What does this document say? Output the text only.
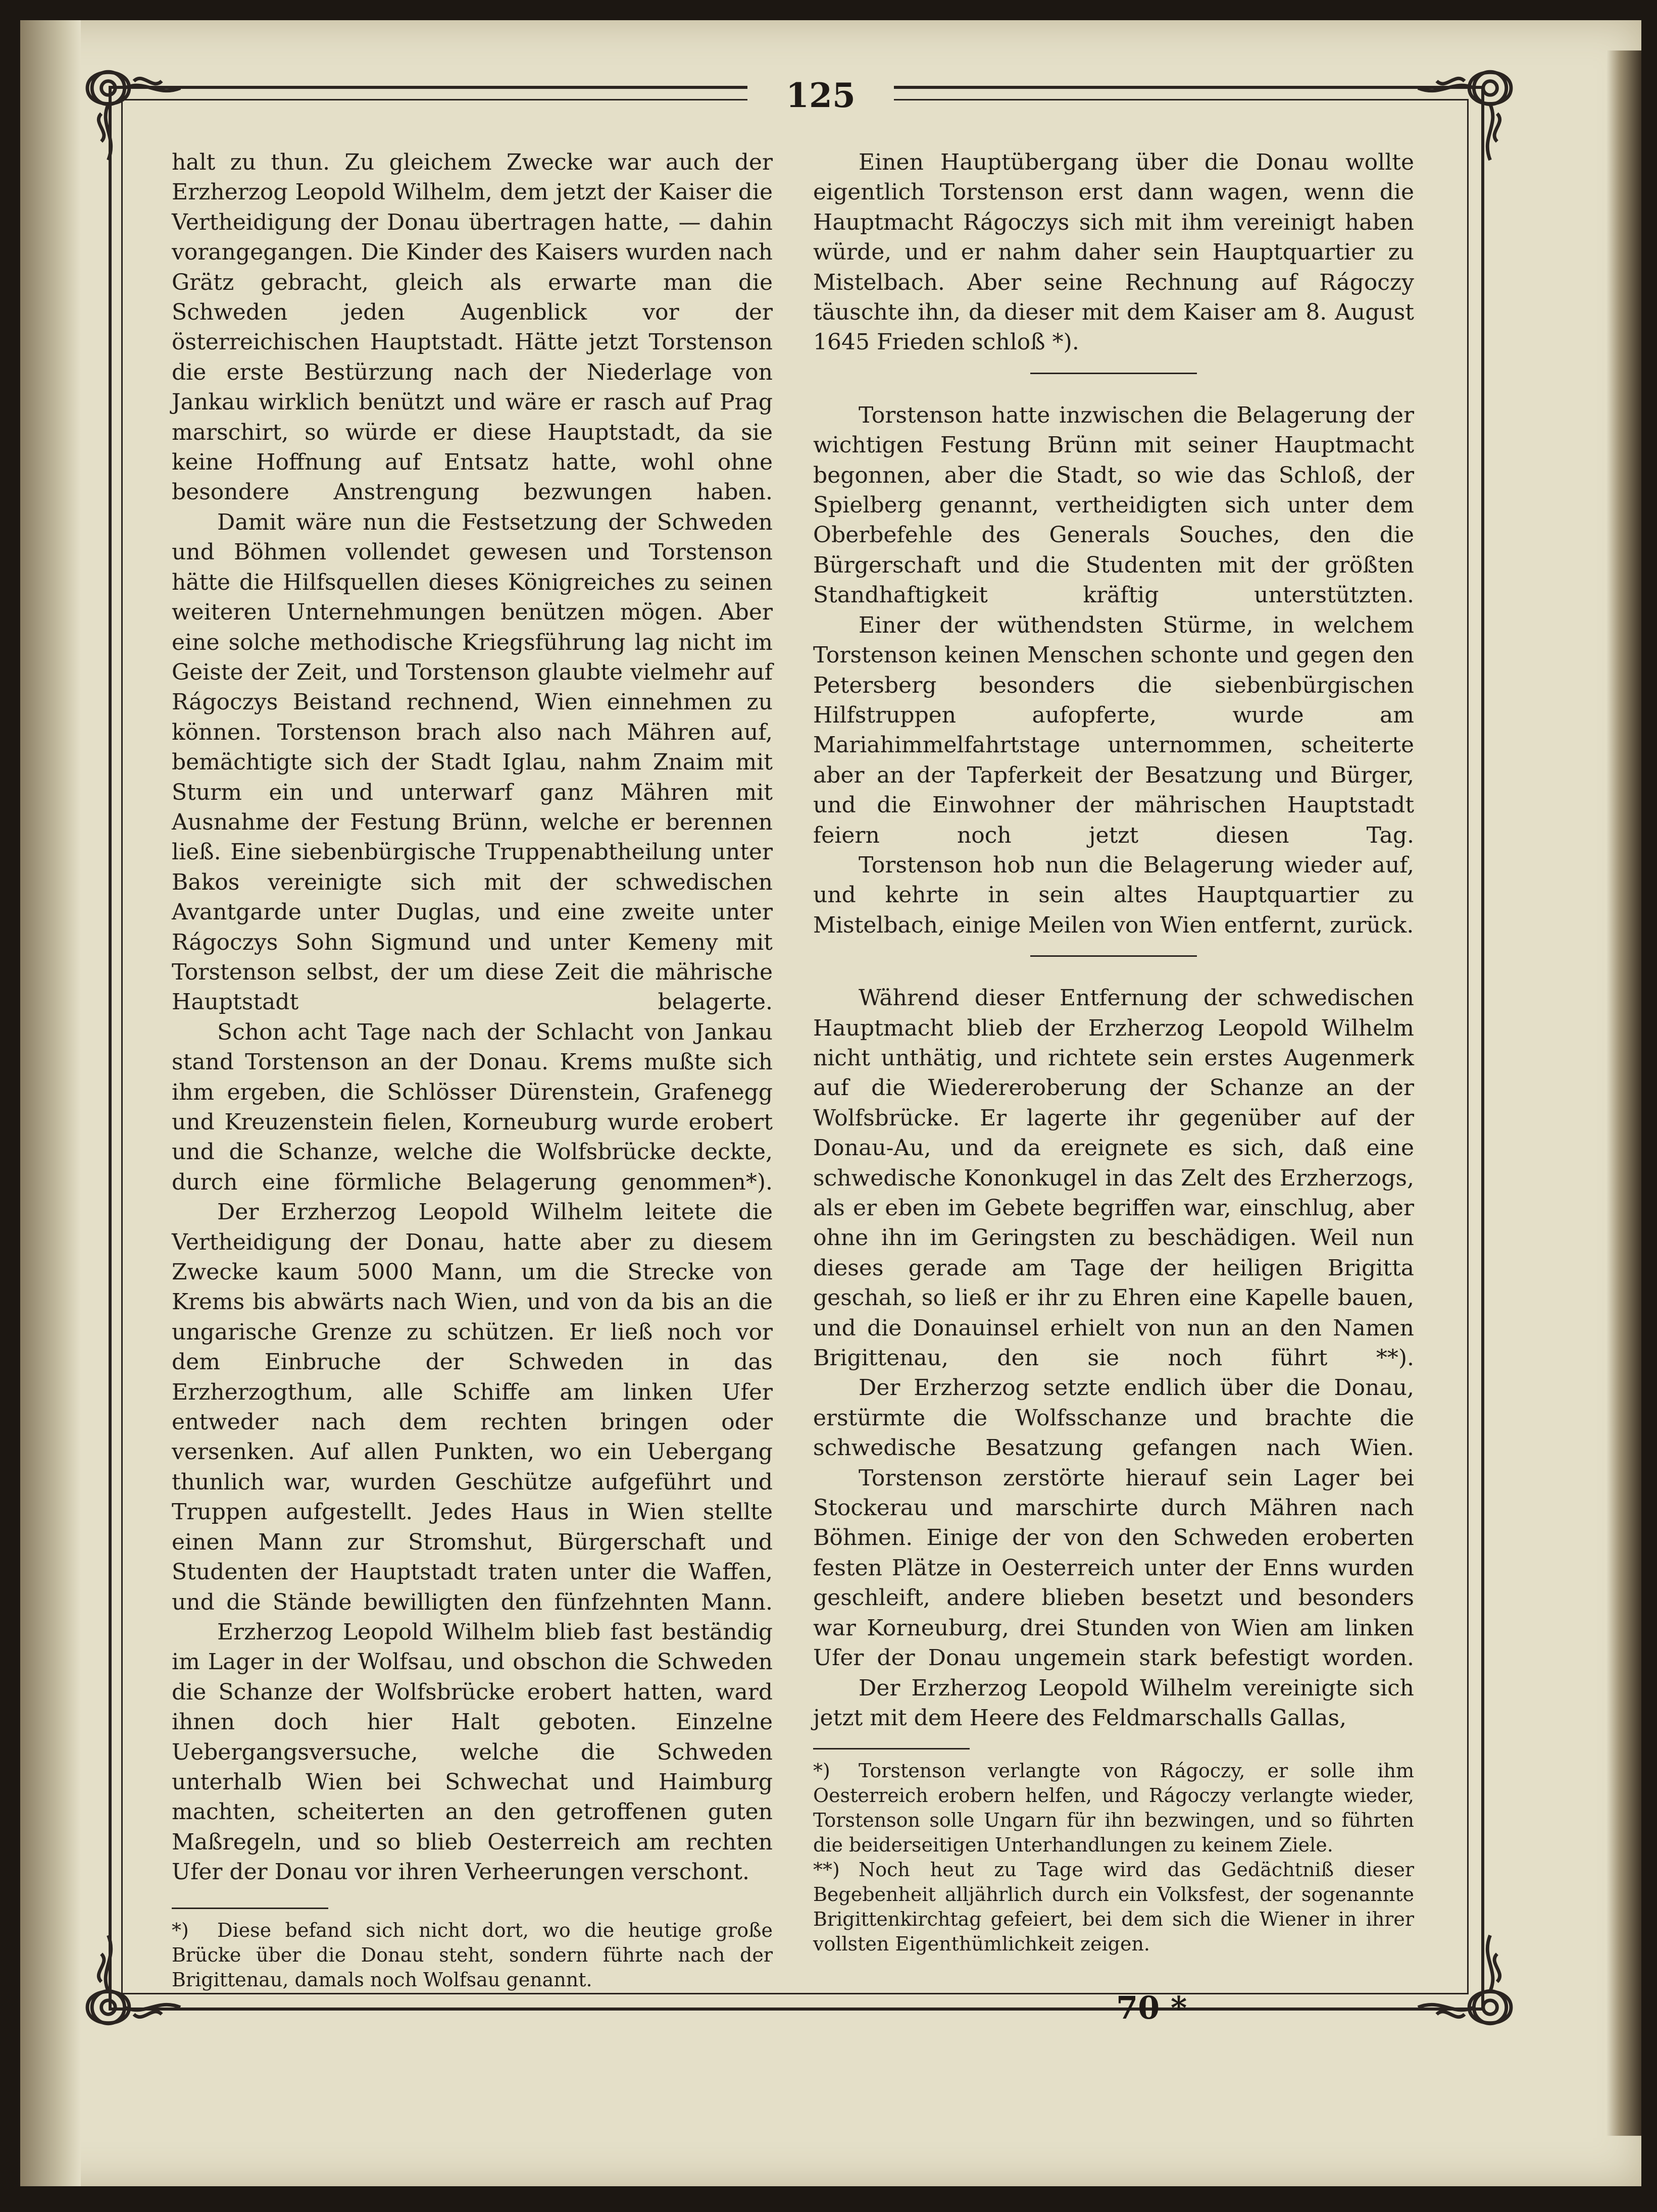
125

halt zu thun. Zu gleichem Zwecke war auch der Erzherzog Leopold Wilhelm, dem jetzt der Kaiser die Vertheidigung der Donau übertragen hatte, — dahin vorangegangen. Die Kinder des Kaisers wurden nach Grätz gebracht, gleich als erwarte man die Schweden jeden Augenblick vor der österreichischen Hauptstadt. Hätte jetzt Torstenson die erste Bestürzung nach der Niederlage von Jankau wirklich benützt und wäre er rasch auf Prag marschirt, so würde er diese Hauptstadt, da sie keine Hoffnung auf Entsatz hatte, wohl ohne besondere Anstrengung bezwungen haben.

Damit wäre nun die Festsetzung der Schweden und Böhmen vollendet gewesen und Torstenson hätte die Hilfsquellen dieses Königreiches zu seinen weiteren Unternehmungen benützen mögen. Aber eine solche methodische Kriegsführung lag nicht im Geiste der Zeit, und Torstenson glaubte vielmehr auf Rágoczys Beistand rechnend, Wien einnehmen zu können. Torstenson brach also nach Mähren auf, bemächtigte sich der Stadt Iglau, nahm Znaim mit Sturm ein und unterwarf ganz Mähren mit Ausnahme der Festung Brünn, welche er berennen ließ. Eine siebenbürgische Truppenabtheilung unter Bakos vereinigte sich mit der schwedischen Avantgarde unter Duglas, und eine zweite unter Rágoczys Sohn Sigmund und unter Kemeny mit Torstenson selbst, der um diese Zeit die mährische Hauptstadt belagerte.

Schon acht Tage nach der Schlacht von Jankau stand Torstenson an der Donau. Krems mußte sich ihm ergeben, die Schlösser Dürenstein, Grafenegg und Kreuzenstein fielen, Korneuburg wurde erobert und die Schanze, welche die Wolfsbrücke deckte, durch eine förmliche Belagerung genommen*).

Der Erzherzog Leopold Wilhelm leitete die Vertheidigung der Donau, hatte aber zu diesem Zwecke kaum 5000 Mann, um die Strecke von Krems bis abwärts nach Wien, und von da bis an die ungarische Grenze zu schützen. Er ließ noch vor dem Einbruche der Schweden in das Erzherzogthum, alle Schiffe am linken Ufer entweder nach dem rechten bringen oder versenken. Auf allen Punkten, wo ein Uebergang thunlich war, wurden Geschütze aufgeführt und Truppen aufgestellt. Jedes Haus in Wien stellte einen Mann zur Stromshut, Bürgerschaft und Studenten der Hauptstadt traten unter die Waffen, und die Stände bewilligten den fünfzehnten Mann.

Erzherzog Leopold Wilhelm blieb fast beständig im Lager in der Wolfsau, und obschon die Schweden die Schanze der Wolfsbrücke erobert hatten, ward ihnen doch hier Halt geboten. Einzelne Uebergangsversuche, welche die Schweden unterhalb Wien bei Schwechat und Haimburg machten, scheiterten an den getroffenen guten Maßregeln, und so blieb Oesterreich am rechten Ufer der Donau vor ihren Verheerungen verschont.

*) Diese befand sich nicht dort, wo die heutige große Brücke über die Donau steht, sondern führte nach der Brigittenau, damals noch Wolfsau genannt.

Einen Hauptübergang über die Donau wollte eigentlich Torstenson erst dann wagen, wenn die Hauptmacht Rágoczys sich mit ihm vereinigt haben würde, und er nahm daher sein Hauptquartier zu Mistelbach. Aber seine Rechnung auf Rágoczy täuschte ihn, da dieser mit dem Kaiser am 8. August 1645 Frieden schloß *).

Torstenson hatte inzwischen die Belagerung der wichtigen Festung Brünn mit seiner Hauptmacht begonnen, aber die Stadt, so wie das Schloß, der Spielberg genannt, vertheidigten sich unter dem Oberbefehle des Generals Souches, den die Bürgerschaft und die Studenten mit der größten Standhaftigkeit kräftig unterstützten.

Einer der wüthendsten Stürme, in welchem Torstenson keinen Menschen schonte und gegen den Petersberg besonders die siebenbürgischen Hilfstruppen aufopferte, wurde am Mariahimmelfahrtstage unternommen, scheiterte aber an der Tapferkeit der Besatzung und Bürger, und die Einwohner der mährischen Hauptstadt feiern noch jetzt diesen Tag.

Torstenson hob nun die Belagerung wieder auf, und kehrte in sein altes Hauptquartier zu Mistelbach, einige Meilen von Wien entfernt, zurück.

Während dieser Entfernung der schwedischen Hauptmacht blieb der Erzherzog Leopold Wilhelm nicht unthätig, und richtete sein erstes Augenmerk auf die Wiedereroberung der Schanze an der Wolfsbrücke. Er lagerte ihr gegenüber auf der Donau-Au, und da ereignete es sich, daß eine schwedische Kononkugel in das Zelt des Erzherzogs, als er eben im Gebete begriffen war, einschlug, aber ohne ihn im Geringsten zu beschädigen. Weil nun dieses gerade am Tage der heiligen Brigitta geschah, so ließ er ihr zu Ehren eine Kapelle bauen, und die Donauinsel erhielt von nun an den Namen Brigittenau, den sie noch führt **).

Der Erzherzog setzte endlich über die Donau, erstürmte die Wolfsschanze und brachte die schwedische Besatzung gefangen nach Wien.

Torstenson zerstörte hierauf sein Lager bei Stockerau und marschirte durch Mähren nach Böhmen. Einige der von den Schweden eroberten festen Plätze in Oesterreich unter der Enns wurden geschleift, andere blieben besetzt und besonders war Korneuburg, drei Stunden von Wien am linken Ufer der Donau ungemein stark befestigt worden.

Der Erzherzog Leopold Wilhelm vereinigte sich jetzt mit dem Heere des Feldmarschalls Gallas,

*) Torstenson verlangte von Rágoczy, er solle ihm Oesterreich erobern helfen, und Rágoczy verlangte wieder, Torstenson solle Ungarn für ihn bezwingen, und so führten die beiderseitigen Unterhandlungen zu keinem Ziele.
**) Noch heut zu Tage wird das Gedächtniß dieser Begebenheit alljährlich durch ein Volksfest, der sogenannte Brigittenkirchtag gefeiert, bei dem sich die Wiener in ihrer vollsten Eigenthümlichkeit zeigen.
70 *
